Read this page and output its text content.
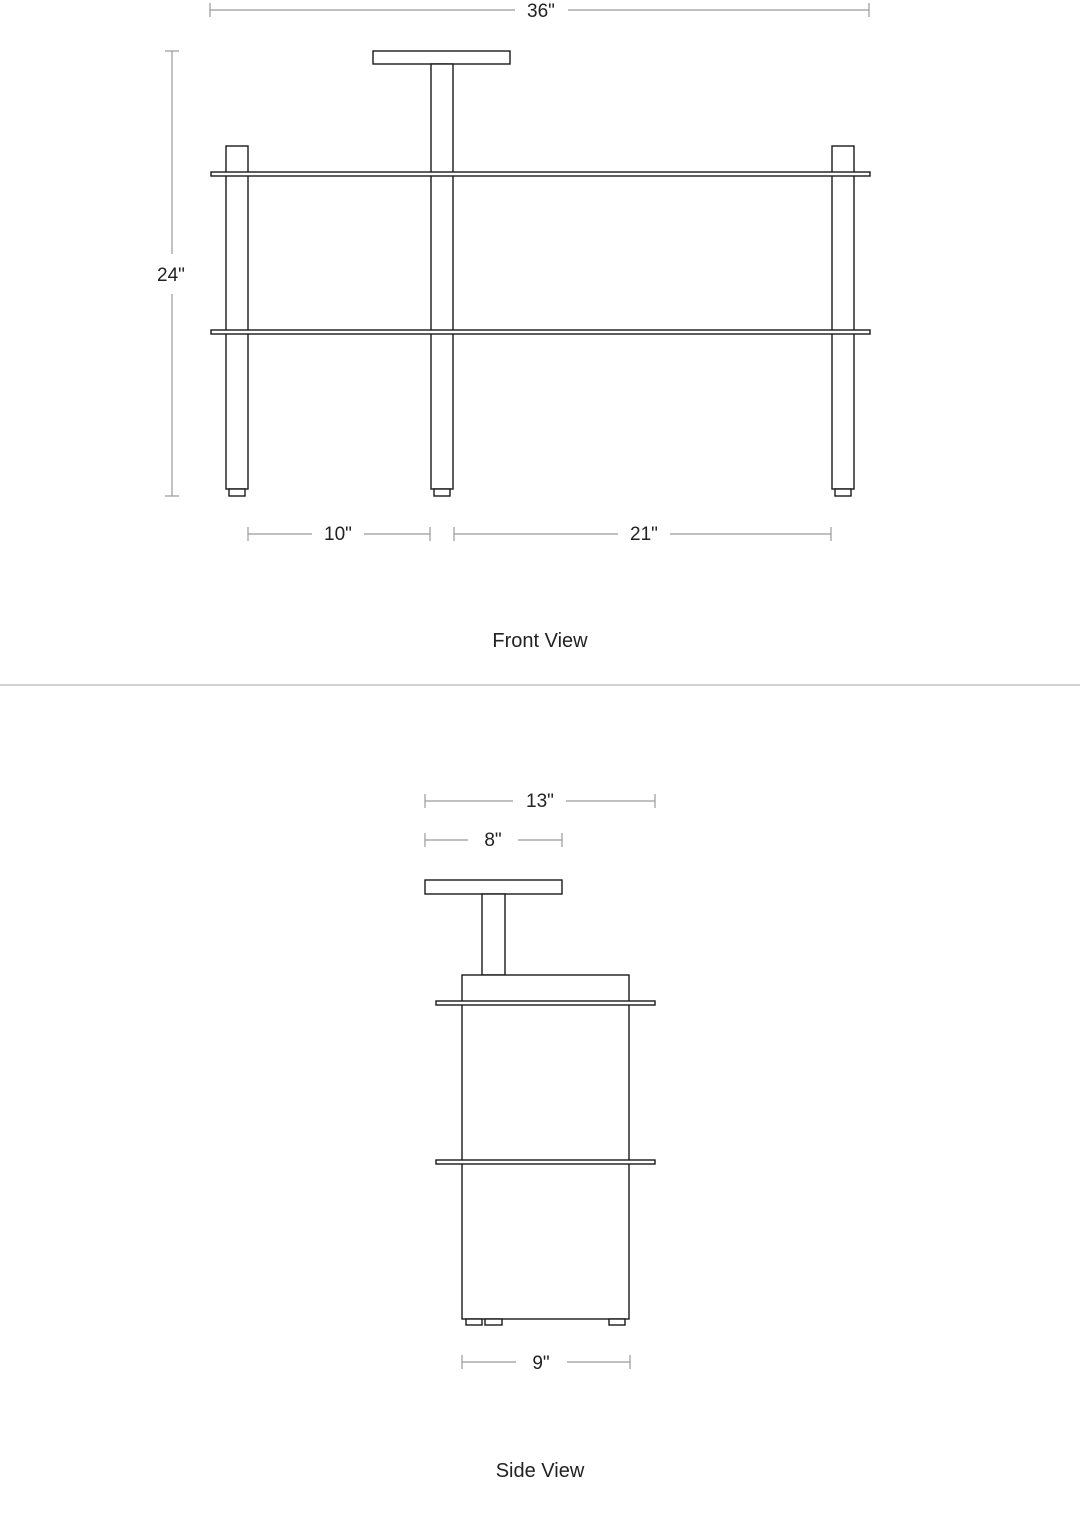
36"
24"
10"	21"
Front View
13"
8"
9"
Side View
